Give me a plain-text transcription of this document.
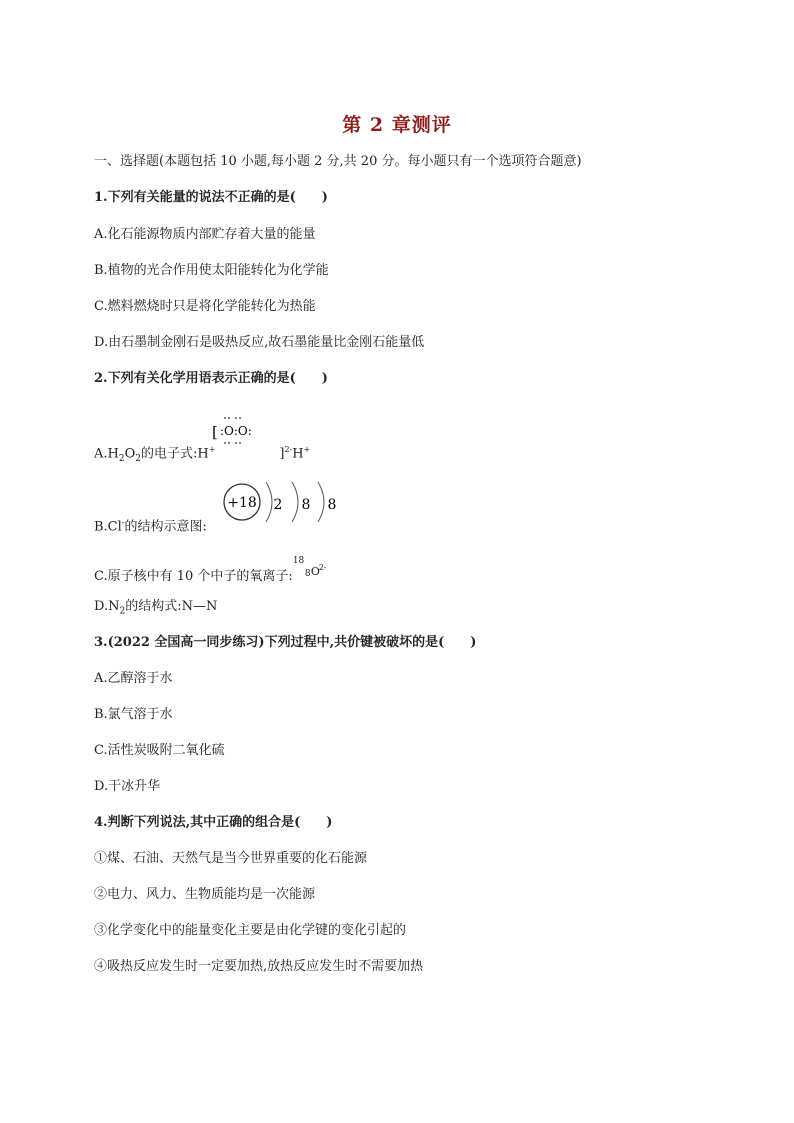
第 2 章测评
一、选择题(本题包括 10 小题,每小题 2 分,共 20 分。每小题只有一个选项符合题意)
1.下列有关能量的说法不正确的是(　　)
A.化石能源物质内部贮存着大量的能量
B.植物的光合作用使太阳能转化为化学能
C.燃料燃烧时只是将化学能转化为热能
D.由石墨制金刚石是吸热反应,故石墨能量比金刚石能量低
2.下列有关化学用语表示正确的是(　　)
$A.H_2O_2$的电子式:H+	]$^{2-}$H+
[ :O:O:
B.Cl-的结构示意图:
+18 2 8 8
C.原子核中有 10 个中子的氧离子:
18
8 O
2-
$D.N_2$的结构式:N—N
3.(2022 全国高一同步练习)下列过程中,共价键被破坏的是(　　)
A.乙醇溶于水
B.氯气溶于水
C.活性炭吸附二氧化硫
D.干冰升华
4.判断下列说法,其中正确的组合是(　　)
①煤、石油、天然气是当今世界重要的化石能源
②电力、风力、生物质能均是一次能源
③化学变化中的能量变化主要是由化学键的变化引起的
④吸热反应发生时一定要加热,放热反应发生时不需要加热
